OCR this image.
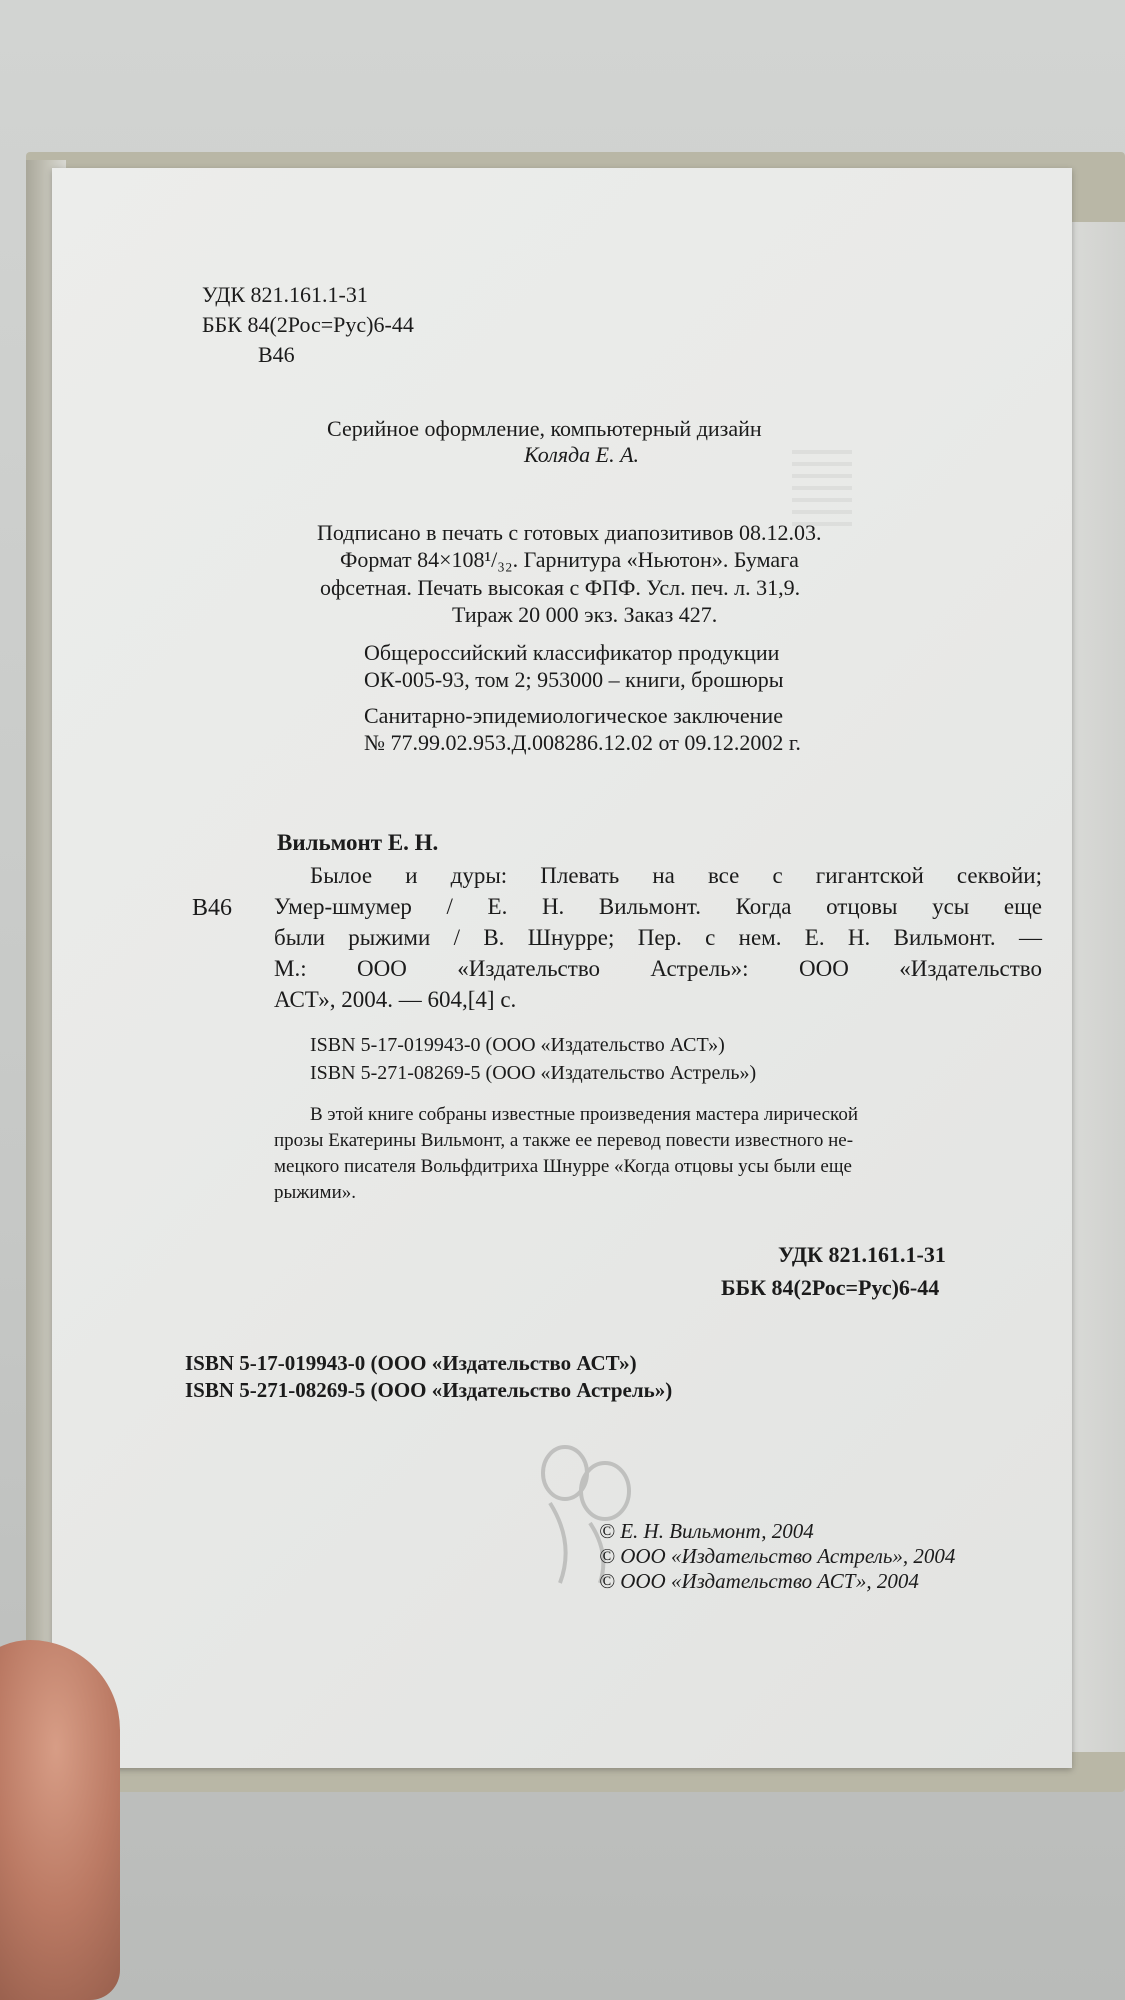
УДК 821.161.1-31
ББК 84(2Рос=Рус)6-44
В46
Серийное оформление, компьютерный дизайн
Коляда Е. А.
Подписано в печать с готовых диапозитивов 08.12.03.
Формат 84×108¹/₃₂. Гарнитура «Ньютон». Бумага
офсетная. Печать высокая с ФПФ. Усл. печ. л. 31,9.
Тираж 20 000 экз. Заказ 427.
Общероссийский классификатор продукции
ОК-005-93, том 2; 953000 – книги, брошюры
Санитарно-эпидемиологическое заключение
№ 77.99.02.953.Д.008286.12.02 от 09.12.2002 г.
Вильмонт Е. Н.
В46
Былое и дуры: Плевать на все с гигантской секвойи;
Умер-шмумер / Е. Н. Вильмонт. Когда отцовы усы еще
были рыжими / В. Шнурре; Пер. с нем. Е. Н. Вильмонт. —
М.: ООО «Издательство Астрель»: ООО «Издательство
АСТ», 2004. — 604,[4] с.
ISBN 5-17-019943-0 (ООО «Издательство АСТ»)
ISBN 5-271-08269-5 (ООО «Издательство Астрель»)
В этой книге собраны известные произведения мастера лирической
прозы Екатерины Вильмонт, а также ее перевод повести известного не-
мецкого писателя Вольфдитриха Шнурре «Когда отцовы усы были еще
рыжими».
УДК 821.161.1-31
ББК 84(2Рос=Рус)6-44
ISBN 5-17-019943-0 (ООО «Издательство АСТ»)
ISBN 5-271-08269-5 (ООО «Издательство Астрель»)
© Е. Н. Вильмонт, 2004
© ООО «Издательство Астрель», 2004
© ООО «Издательство АСТ», 2004
